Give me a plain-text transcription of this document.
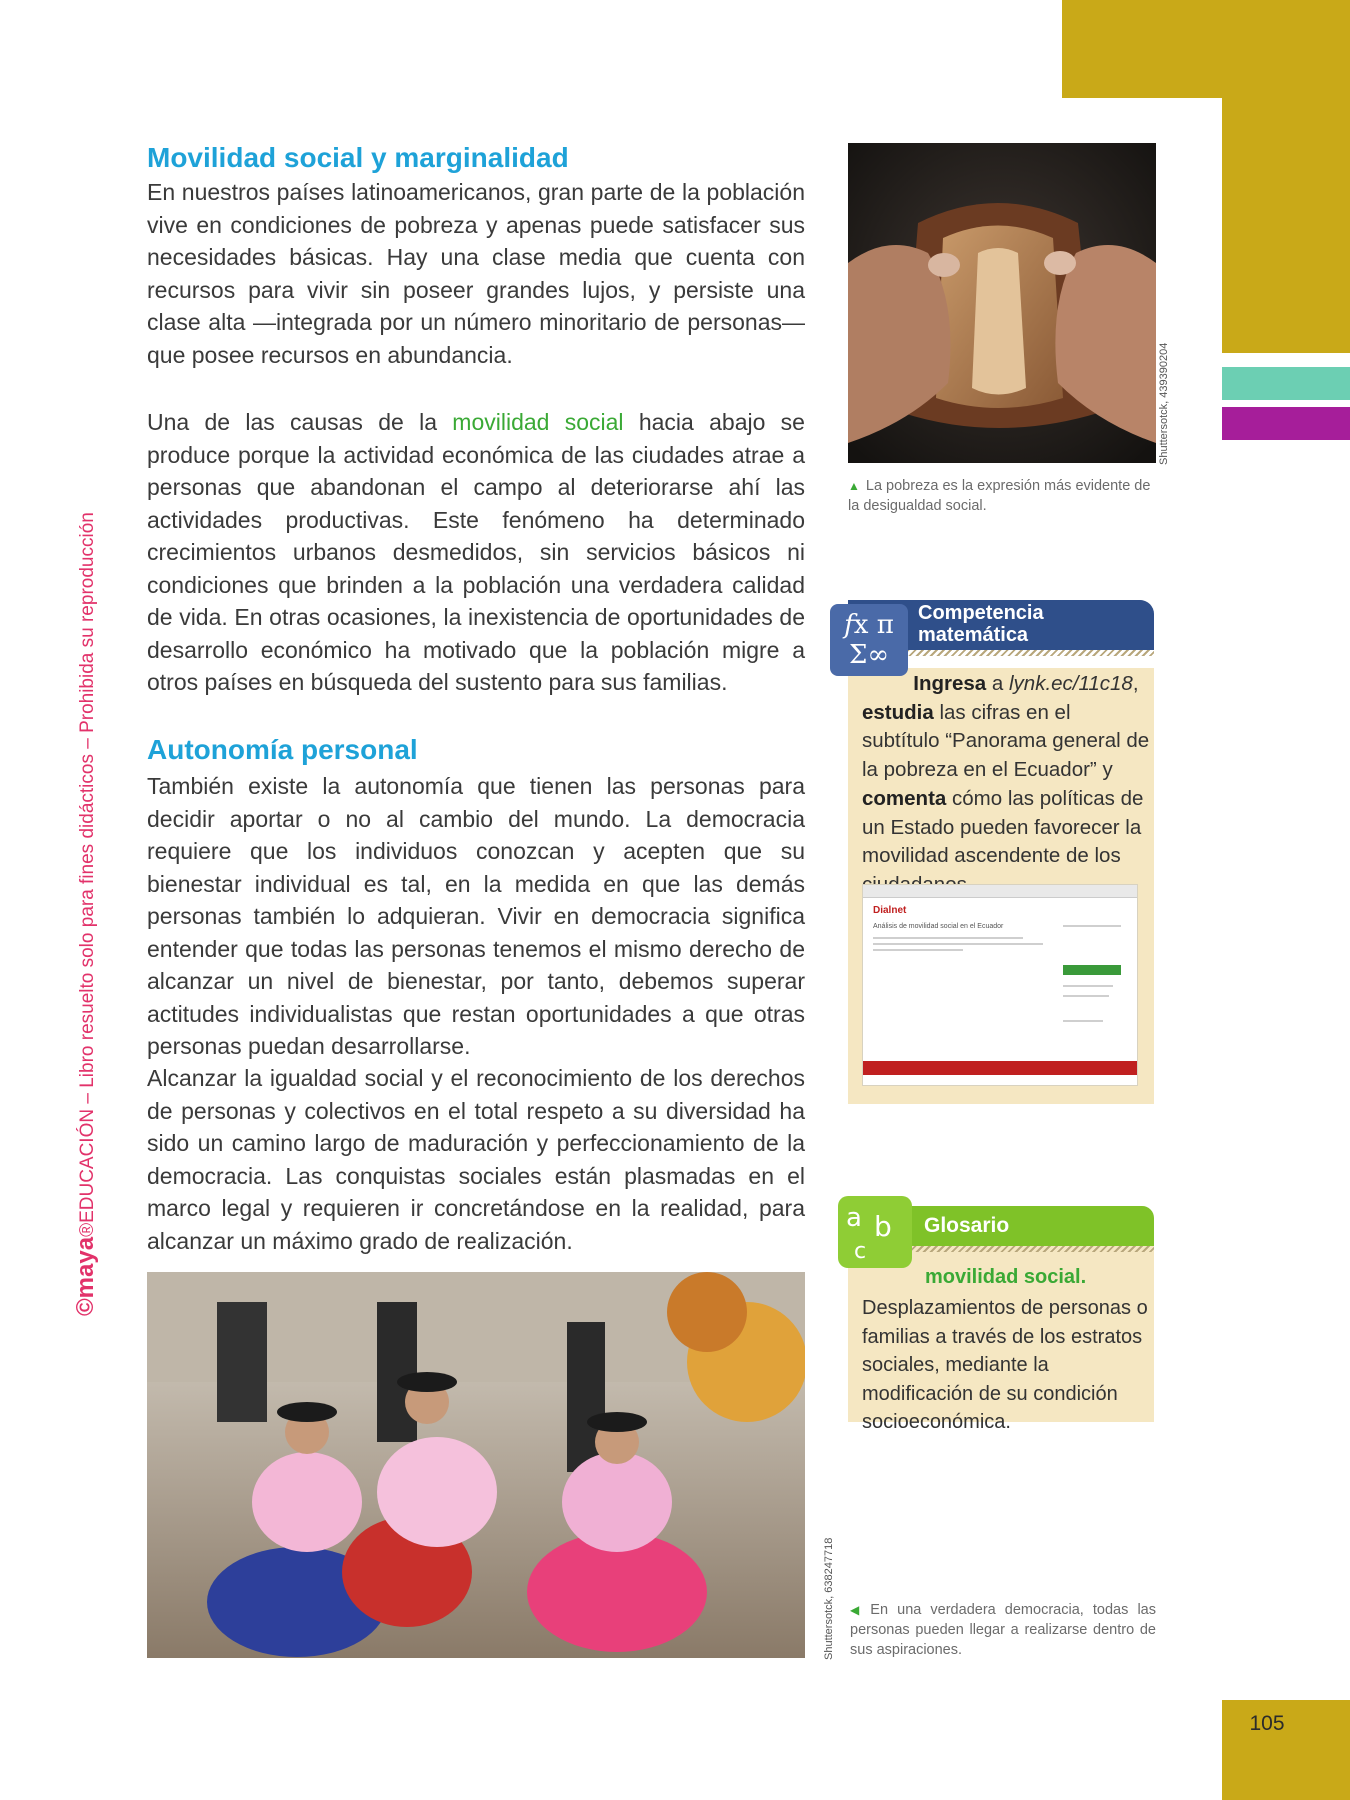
©maya®EDUCACIÓN – Libro resuelto solo para fines didácticos – Prohibida su reproducción
Movilidad social y marginalidad

En nuestros países latinoamericanos, gran parte de la población vive en condiciones de pobreza y apenas puede satisfacer sus necesidades básicas. Hay una clase media que cuenta con recursos para vivir sin poseer grandes lujos, y persiste una clase alta —integrada por un número minoritario de personas— que posee recursos en abundancia.

Una de las causas de la movilidad social hacia abajo se produce porque la actividad económica de las ciudades atrae a personas que abandonan el campo al deteriorarse ahí las actividades productivas. Este fenómeno ha determinado crecimientos urbanos desmedidos, sin servicios básicos ni condiciones que brinden a la población una verdadera calidad de vida. En otras ocasiones, la inexistencia de oportunidades de desarrollo económico ha motivado que la población migre a otros países en búsqueda del sustento para sus familias.

Autonomía personal

También existe la autonomía que tienen las personas para decidir aportar o no al cambio del mundo. La democracia requiere que los individuos conozcan y acepten que su bienestar individual es tal, en la medida en que las demás personas también lo adquieran. Vivir en democracia significa entender que todas las personas tenemos el mismo derecho de alcanzar un nivel de bienestar, por tanto, debemos superar actitudes individualistas que restan oportunidades a que otras personas puedan desarrollarse.

Alcanzar la igualdad social y el reconocimiento de los derechos de personas y colectivos en el total respeto a su diversidad ha sido un camino largo de maduración y perfeccionamiento de la democracia. Las conquistas sociales están plasmadas en el marco legal y requieren ir concretándose en la realidad, para alcanzar un máximo grado de realización.

Shuttersotck, 439390204
▲ La pobreza es la expresión más evidente de la desigualdad social.
𝑓x π
Σ∞
Competencia matemática
Ingresa a lynk.ec/11c18, estudia las cifras en el subtítulo “Panorama general de la pobreza en el Ecuador” y comenta cómo las políticas de un Estado pueden favorecer la movilidad ascendente de los
Dialnet
Análisis de movilidad social en el Ecuador
a b
c
Glosario
movilidad social.
Desplazamientos de personas o familias a través de los estratos sociales, mediante la modificación de su condición socioeconómica.
Shuttersotck, 638247718 ◀ En una verdadera democracia, todas las personas pueden llegar a realizarse dentro de sus aspiraciones.
105
